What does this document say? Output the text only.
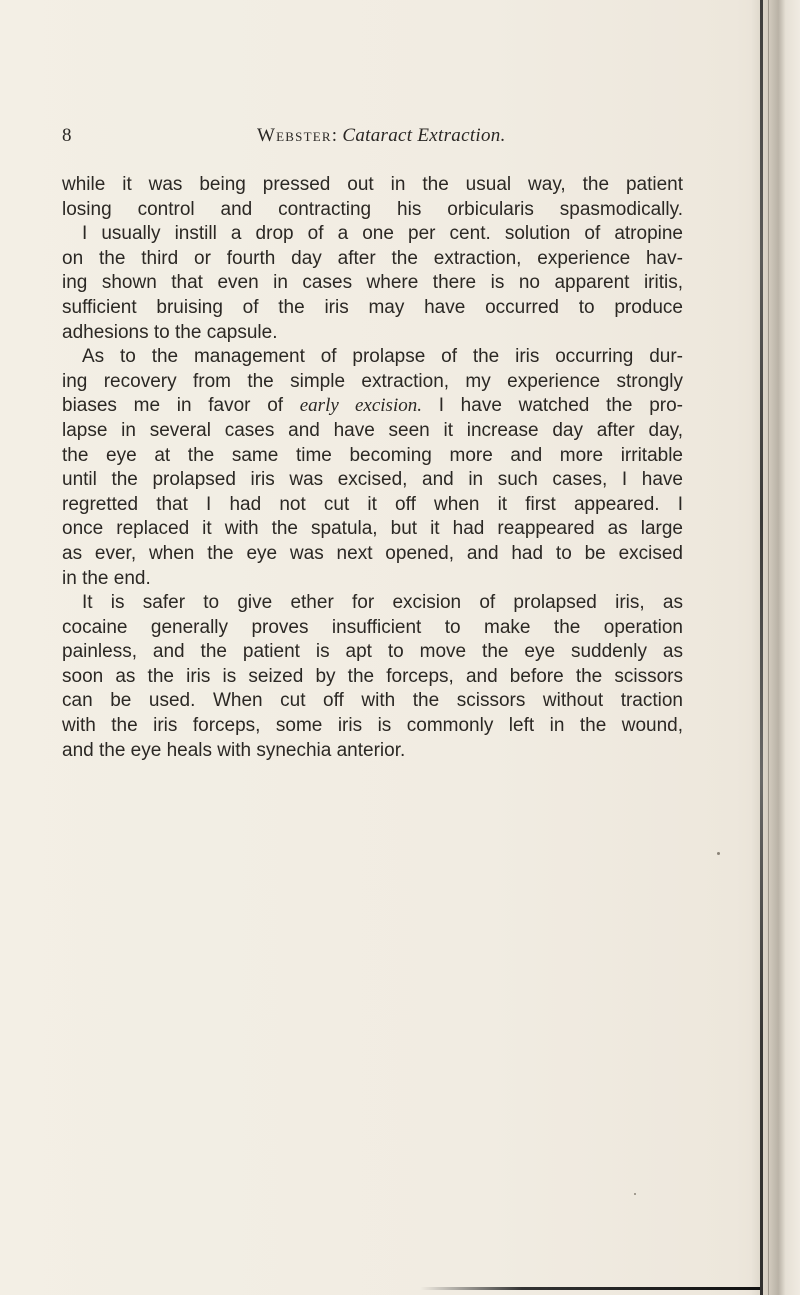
8	Webster: Cataract Extraction.

while it was being pressed out in the usual way, the patient

losing control and contracting his orbicularis spasmodically.

I usually instill a drop of a one per cent. solution of atropine

on the third or fourth day after the extraction, experience hav-

ing shown that even in cases where there is no apparent iritis,

sufficient bruising of the iris may have occurred to produce

adhesions to the capsule.

As to the management of prolapse of the iris occurring dur-

ing recovery from the simple extraction, my experience strongly

biases me in favor of early excision. I have watched the pro-

lapse in several cases and have seen it increase day after day,

the eye at the same time becoming more and more irritable

until the prolapsed iris was excised, and in such cases, I have

regretted that I had not cut it off when it first appeared. I

once replaced it with the spatula, but it had reappeared as large

as ever, when the eye was next opened, and had to be excised

in the end.

It is safer to give ether for excision of prolapsed iris, as

cocaine generally proves insufficient to make the operation

painless, and the patient is apt to move the eye suddenly as

soon as the iris is seized by the forceps, and before the scissors

can be used. When cut off with the scissors without traction

with the iris forceps, some iris is commonly left in the wound,

and the eye heals with synechia anterior.
